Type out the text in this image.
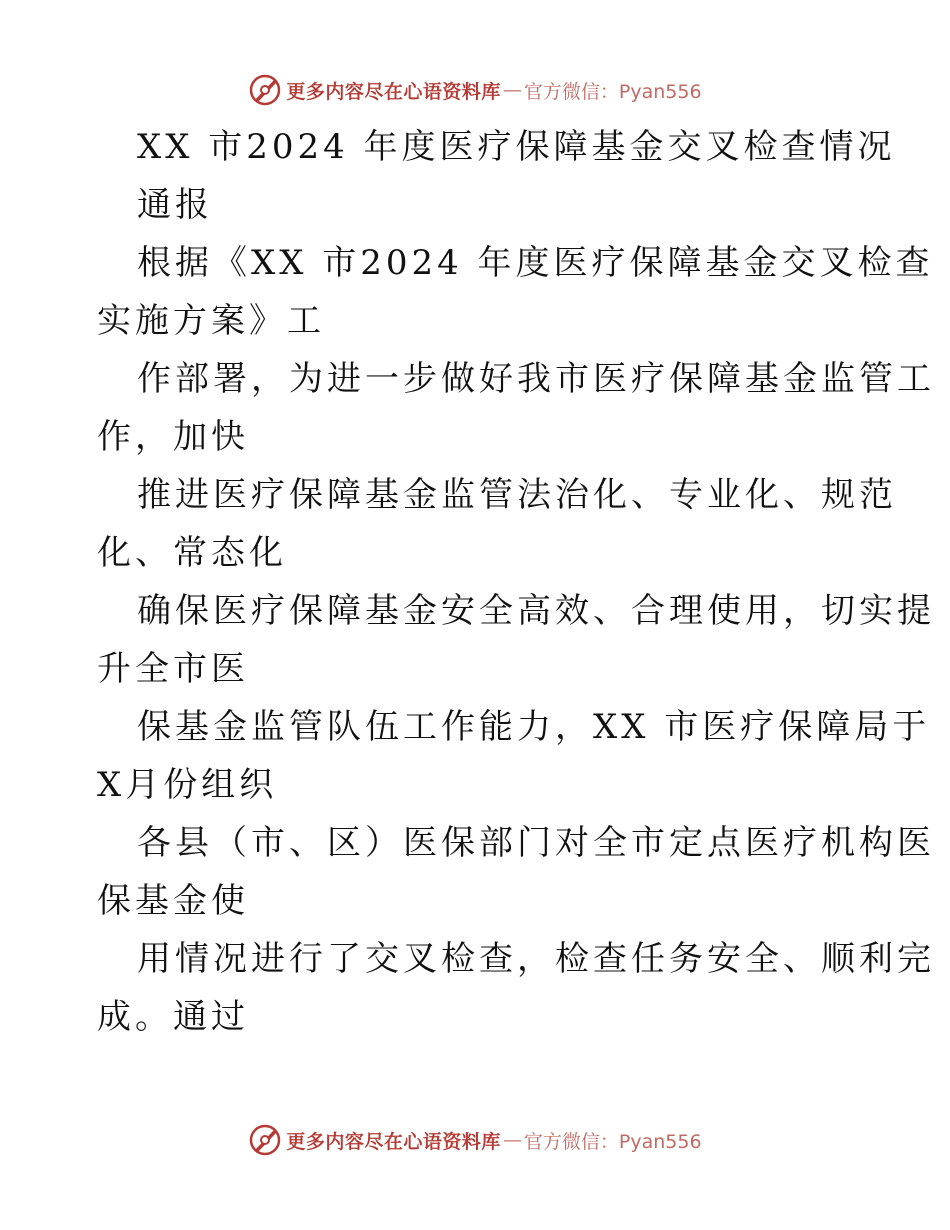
更多内容尽在心语资料库 — 官方微信：Pyan556
XX 市2024 年度医疗保障基金交叉检查情况
通报
根据《XX 市2024 年度医疗保障基金交叉检查
实施方案》工
作部署，为进一步做好我市医疗保障基金监管工
作，加快
推进医疗保障基金监管法治化、专业化、规范
化、常态化
确保医疗保障基金安全高效、合理使用，切实提
升全市医
保基金监管队伍工作能力，XX 市医疗保障局于
X月份组织
各县（市、区）医保部门对全市定点医疗机构医
保基金使
用情况进行了交叉检查，检查任务安全、顺利完
成。通过
更多内容尽在心语资料库 — 官方微信：Pyan556
